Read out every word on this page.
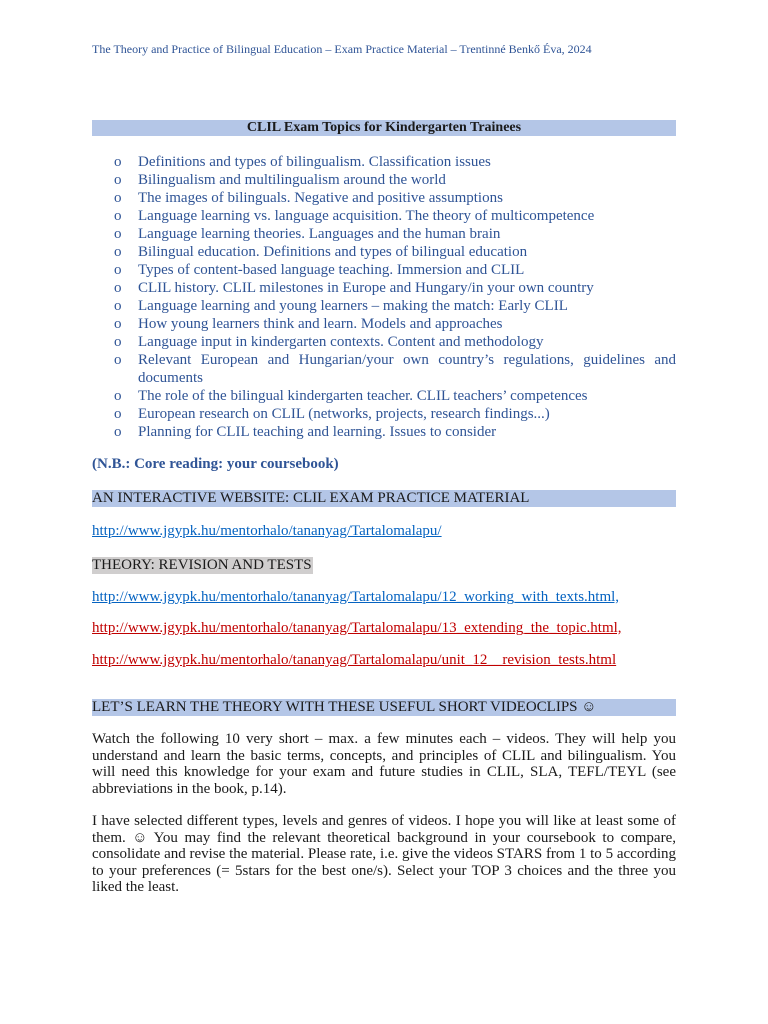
The Theory and Practice of Bilingual Education – Exam Practice Material – Trentinné Benkő Éva, 2024
CLIL Exam Topics for Kindergarten Trainees
o Definitions and types of bilingualism. Classification issues
o Bilingualism and multilingualism around the world
o The images of bilinguals. Negative and positive assumptions
o Language learning vs. language acquisition. The theory of multicompetence
o Language learning theories. Languages and the human brain
o Bilingual education. Definitions and types of bilingual education
o Types of content-based language teaching. Immersion and CLIL
o CLIL history. CLIL milestones in Europe and Hungary/in your own country
o Language learning and young learners – making the match: Early CLIL
o How young learners think and learn. Models and approaches
o Language input in kindergarten contexts. Content and methodology
o Relevant European and Hungarian/your own country’s regulations, guidelines and documents
o The role of the bilingual kindergarten teacher. CLIL teachers’ competences
o European research on CLIL (networks, projects, research findings...)
o Planning for CLIL teaching and learning. Issues to consider
(N.B.: Core reading: your coursebook)
AN INTERACTIVE WEBSITE: CLIL EXAM PRACTICE MATERIAL
http://www.jgypk.hu/mentorhalo/tananyag/Tartalomalapu/
THEORY: REVISION AND TESTS
http://www.jgypk.hu/mentorhalo/tananyag/Tartalomalapu/12_working_with_texts.html,
http://www.jgypk.hu/mentorhalo/tananyag/Tartalomalapu/13_extending_the_topic.html,
http://www.jgypk.hu/mentorhalo/tananyag/Tartalomalapu/unit_12__revision_tests.html
LET’S LEARN THE THEORY WITH THESE USEFUL SHORT VIDEOCLIPS ☺

Watch the following 10 very short – max. a few minutes each – videos. They will help you understand and learn the basic terms, concepts, and principles of CLIL and bilingualism. You will need this knowledge for your exam and future studies in CLIL, SLA, TEFL/TEYL (see abbreviations in the book, p.14).

I have selected different types, levels and genres of videos. I hope you will like at least some of them. ☺ You may find the relevant theoretical background in your coursebook to compare, consolidate and revise the material. Please rate, i.e. give the videos STARS from 1 to 5 according to your preferences (= 5stars for the best one/s). Select your TOP 3 choices and the three you liked the least.
